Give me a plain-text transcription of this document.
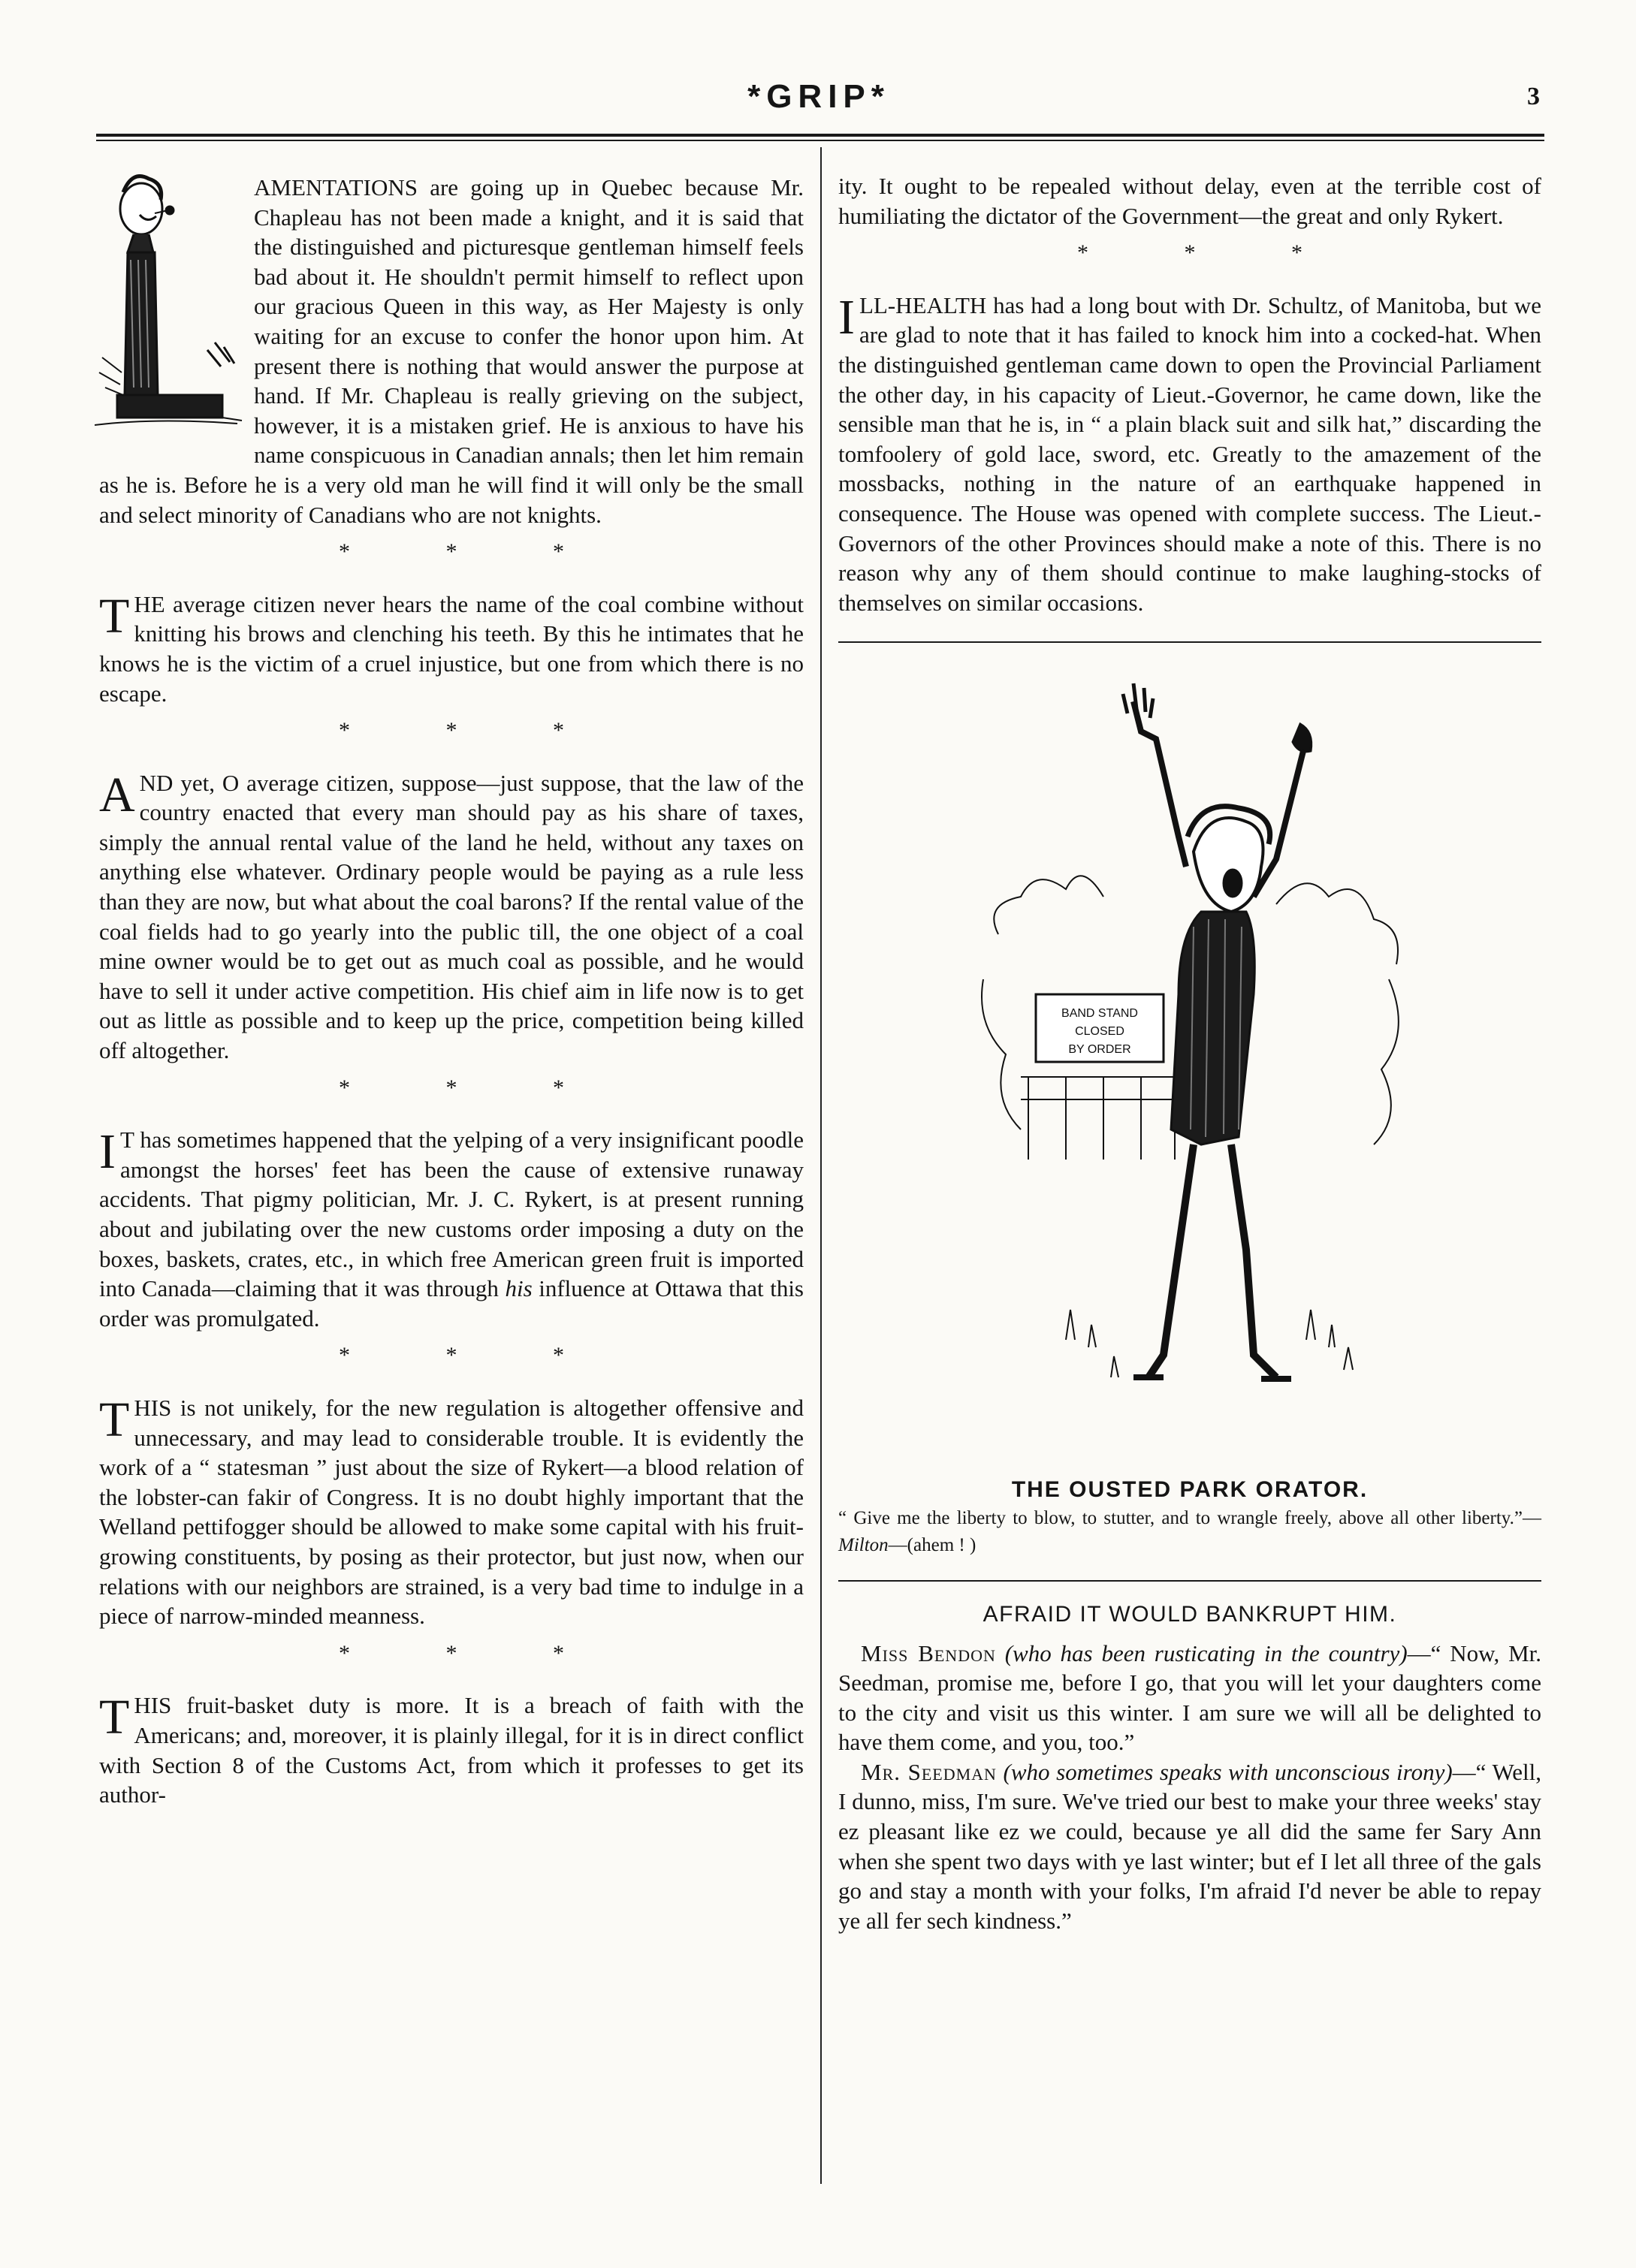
*GRIP*	3

AMENTATIONS are going up in Quebec because Mr. Chapleau has not been made a knight, and it is said that the distinguished and picturesque gentleman himself feels bad about it. He shouldn't permit himself to reflect upon our gracious Queen in this way, as Her Majesty is only waiting for an excuse to confer the honor upon him. At present there is nothing that would answer the purpose at hand. If Mr. Chapleau is really grieving on the subject, however, it is a mistaken grief. He is anxious to have his name conspicuous in Canadian annals; then let him remain as he is. Before he is a very old man he will find it will only be the small and select minority of Canadians who are not knights.

* * *

THE average citizen never hears the name of the coal combine without knitting his brows and clenching his teeth. By this he intimates that he knows he is the victim of a cruel injustice, but one from which there is no escape.

* * *

AND yet, O average citizen, suppose—just suppose, that the law of the country enacted that every man should pay as his share of taxes, simply the annual rental value of the land he held, without any taxes on anything else whatever. Ordinary people would be paying as a rule less than they are now, but what about the coal barons? If the rental value of the coal fields had to go yearly into the public till, the one object of a coal mine owner would be to get out as much coal as possible, and he would have to sell it under active competition. His chief aim in life now is to get out as little as possible and to keep up the price, competition being killed off altogether.

* * *

I T has sometimes happened that the yelping of a very insignificant poodle amongst the horses' feet has been the cause of extensive runaway accidents. That pigmy politician, Mr. J. C. Rykert, is at present running about and jubilating over the new customs order imposing a duty on the boxes, baskets, crates, etc., in which free American green fruit is imported into Canada—claiming that it was through his influence at Ottawa that this order was promulgated.

* * *

THIS is not unikely, for the new regulation is altogether offensive and unnecessary, and may lead to considerable trouble. It is evidently the work of a “ statesman ” just about the size of Rykert—a blood relation of the lobster-can fakir of Congress. It is no doubt highly important that the Welland pettifogger should be allowed to make some capital with his fruit-growing constituents, by posing as their protector, but just now, when our relations with our neighbors are strained, is a very bad time to indulge in a piece of narrow-minded meanness.

* * *

THIS fruit-basket duty is more. It is a breach of faith with the Americans; and, moreover, it is plainly illegal, for it is in direct conflict with Section 8 of the Customs Act, from which it professes to get its author-

ity. It ought to be repealed without delay, even at the terrible cost of humiliating the dictator of the Government—the great and only Rykert.

* * *

ILL-HEALTH has had a long bout with Dr. Schultz, of Manitoba, but we are glad to note that it has failed to knock him into a cocked-hat. When the distinguished gentleman came down to open the Provincial Parliament the other day, in his capacity of Lieut.-Governor, he came down, like the sensible man that he is, in “ a plain black suit and silk hat,” discarding the tomfoolery of gold lace, sword, etc. Greatly to the amazement of the mossbacks, nothing in the nature of an earthquake happened in consequence. The House was opened with complete success. The Lieut.-Governors of the other Provinces should make a note of this. There is no reason why any of them should continue to make laughing-stocks of themselves on similar occasions.

BAND STAND
CLOSED
BY ORDER
THE OUSTED PARK ORATOR.

“ Give me the liberty to blow, to stutter, and to wrangle freely, above all other liberty.”—Milton—(ahem ! )

AFRAID IT WOULD BANKRUPT HIM.

Miss Bendon (who has been rusticating in the country)—“ Now, Mr. Seedman, promise me, before I go, that you will let your daughters come to the city and visit us this winter. I am sure we will all be delighted to have them come, and you, too.”

Mr. Seedman (who sometimes speaks with unconscious irony)—“ Well, I dunno, miss, I'm sure. We've tried our best to make your three weeks' stay ez pleasant like ez we could, because ye all did the same fer Sary Ann when she spent two days with ye last winter; but ef I let all three of the gals go and stay a month with your folks, I'm afraid I'd never be able to repay ye all fer sech kindness.”
